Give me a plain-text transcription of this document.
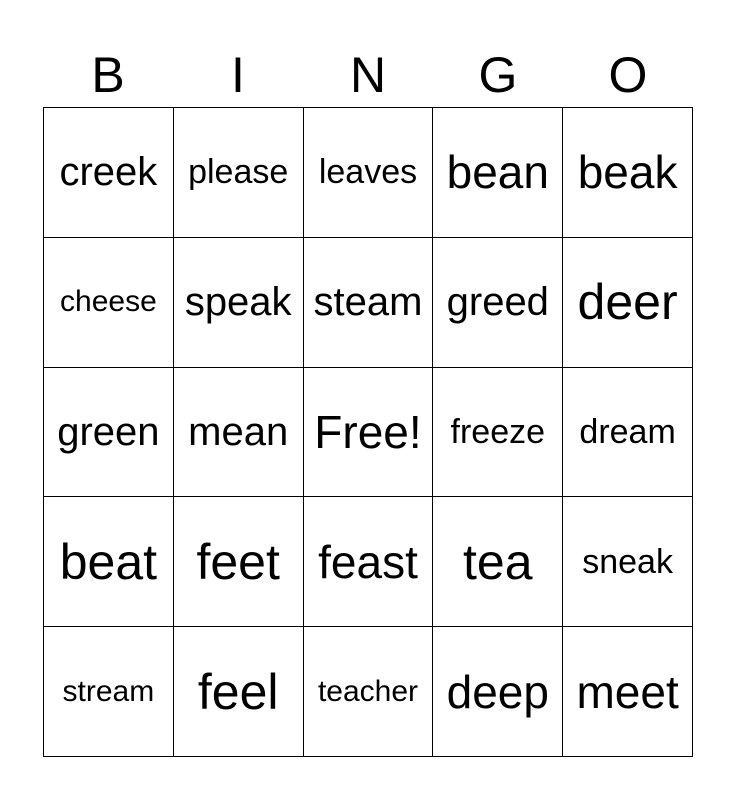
B	I	N	G	O
creek please leaves bean beak
cheese speak steam greed deer
green mean Free! freeze	dream
beat feet feast tea	sneak
stream feel	teacher deep meet
